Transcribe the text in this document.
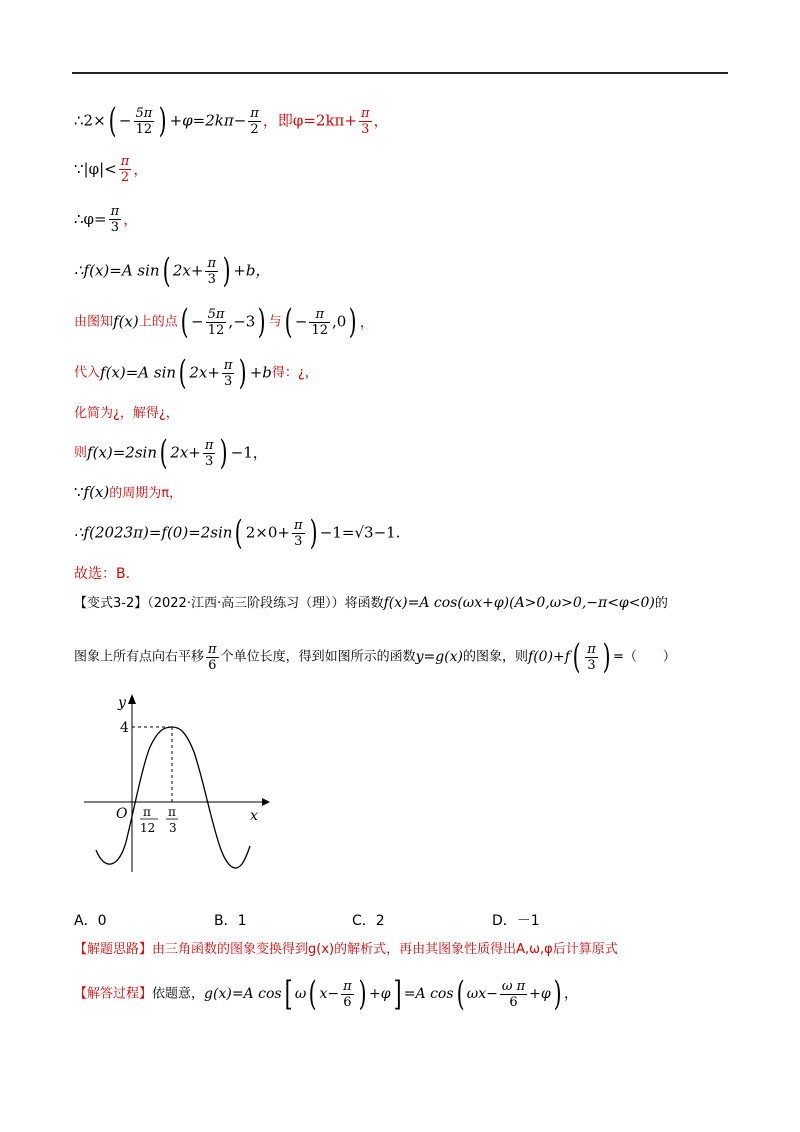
∴2×( − $\frac{5\pi}{12}$ ) $+\varphi=2k\pi- \frac{\pi}{2}$ ，即$\varphi=2k\pi+ \frac{\pi}{3}$ ，
∵|φ|< $\frac{\pi}{2}$ ，
∴φ= $\frac{\pi}{3}$ ，
∴f(x)=A sin( $2x+ \frac{\pi}{3}$ ) +b，
由图知f(x)上的点( − $\frac{5\pi}{12} ,-3$) 与( − $\frac{\pi}{12} ,0$) ，
代入f(x)=A sin( $2x+ \frac{\pi}{3}$ ) +b得：¿，
化简为¿，解得¿，
则f(x)=2sin( $2x+ \frac{\pi}{3}$ ) −1，
∵f(x)的周期为π，
∴f(2023π)=f(0)=2sin( $2\times 0+ \frac{\pi}{3}$ ) −1=√3−1.
故选：B.
【变式3-2】（2022·江西·高三阶段练习（理））将函数f(x)=A cos(ωx+φ)(A>0,ω>0,−π<φ<0)的
图象上所有点向右平移 $\frac{\pi}{6}$ 个单位长度，得到如图所示的函数y=g(x)的图象，则$f(0)+f( \frac{\pi}{3}$ ) =（　　）
y
x
O
4
π
12
π
3
A．0	B．1	C．2	D．－1
【解题思路】由三角函数的图象变换得到g(x)的解析式，再由其图象性质得出A,ω,φ后计算原式
【解答过程】依题意，g(x)=A cos[ ω( $x- \frac{\pi}{6}$ ) +φ] =A cos( $\omega x- \frac{\text{ω π}}{6} +\varphi$) ，
